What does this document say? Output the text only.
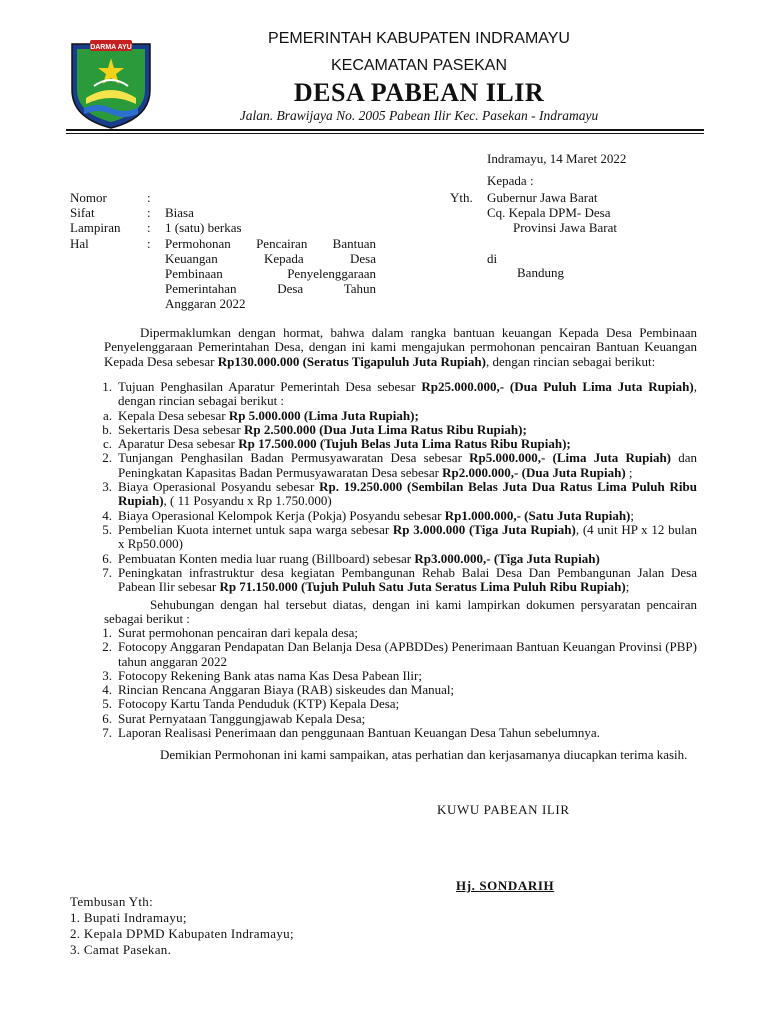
DARMA AYU
PEMERINTAH KABUPATEN INDRAMAYU
KECAMATAN PASEKAN
DESA PABEAN ILIR
Jalan. Brawijaya No. 2005 Pabean Ilir Kec. Pasekan - Indramayu
Indramayu, 14 Maret 2022
Kepada :
Yth. Gubernur Jawa Barat
Cq. Kepala DPM- Desa
Provinsi Jawa Barat
di
Bandung
Nomor	:
Sifat	: Biasa
Lampiran : 1 (satu) berkas
Hal	: Permohonan Pencairan Bantuan
Keuangan Kepada Desa
Pembinaan Penyelenggaraan
Pemerintahan Desa Tahun
Anggaran 2022
Dipermaklumkan dengan hormat, bahwa dalam rangka bantuan keuangan Kepada Desa Pembinaan Penyelenggaraan Pemerintahan Desa, dengan ini kami mengajukan permohonan pencairan Bantuan Keuangan Kepada Desa sebesar Rp130.000.000 (Seratus Tigapuluh Juta Rupiah), dengan rincian sebagai berikut:
1. Tujuan Penghasilan Aparatur Pemerintah Desa sebesar Rp25.000.000,- (Dua Puluh Lima Juta Rupiah), dengan rincian sebagai berikut :
a. Kepala Desa sebesar Rp 5.000.000 (Lima Juta Rupiah);
b. Sekertaris Desa sebesar Rp 2.500.000 (Dua Juta Lima Ratus Ribu Rupiah);
c. Aparatur Desa sebesar Rp 17.500.000 (Tujuh Belas Juta Lima Ratus Ribu Rupiah);
2. Tunjangan Penghasilan Badan Permusyawaratan Desa sebesar Rp5.000.000,- (Lima Juta Rupiah) dan Peningkatan Kapasitas Badan Permusyawaratan Desa sebesar Rp2.000.000,- (Dua Juta Rupiah) ;
3. Biaya Operasional Posyandu sebesar Rp. 19.250.000 (Sembilan Belas Juta Dua Ratus Lima Puluh Ribu Rupiah), ( 11 Posyandu x Rp 1.750.000)
4. Biaya Operasional Kelompok Kerja (Pokja) Posyandu sebesar Rp1.000.000,- (Satu Juta Rupiah);
5. Pembelian Kuota internet untuk sapa warga sebesar Rp 3.000.000 (Tiga Juta Rupiah), (4 unit HP x 12 bulan x Rp50.000)
6. Pembuatan Konten media luar ruang (Billboard) sebesar Rp3.000.000,- (Tiga Juta Rupiah)
7. Peningkatan infrastruktur desa kegiatan Pembangunan Rehab Balai Desa Dan Pembangunan Jalan Desa Pabean Ilir sebesar Rp 71.150.000 (Tujuh Puluh Satu Juta Seratus Lima Puluh Ribu Rupiah);
Sehubungan dengan hal tersebut diatas, dengan ini kami lampirkan dokumen persyaratan pencairan sebagai berikut :
1. Surat permohonan pencairan dari kepala desa;
2. Fotocopy Anggaran Pendapatan Dan Belanja Desa (APBDDes) Penerimaan Bantuan Keuangan Provinsi (PBP) tahun anggaran 2022
3. Fotocopy Rekening Bank atas nama Kas Desa Pabean Ilir;
4. Rincian Rencana Anggaran Biaya (RAB) siskeudes dan Manual;
5. Fotocopy Kartu Tanda Penduduk (KTP) Kepala Desa;
6. Surat Pernyataan Tanggungjawab Kepala Desa;
7. Laporan Realisasi Penerimaan dan penggunaan Bantuan Keuangan Desa Tahun sebelumnya.
Demikian Permohonan ini kami sampaikan, atas perhatian dan kerjasamanya diucapkan terima kasih.
KUWU PABEAN ILIR
Hj. SONDARIH
Tembusan Yth:
1. Bupati Indramayu;
2. Kepala DPMD Kabupaten Indramayu;
3. Camat Pasekan.
